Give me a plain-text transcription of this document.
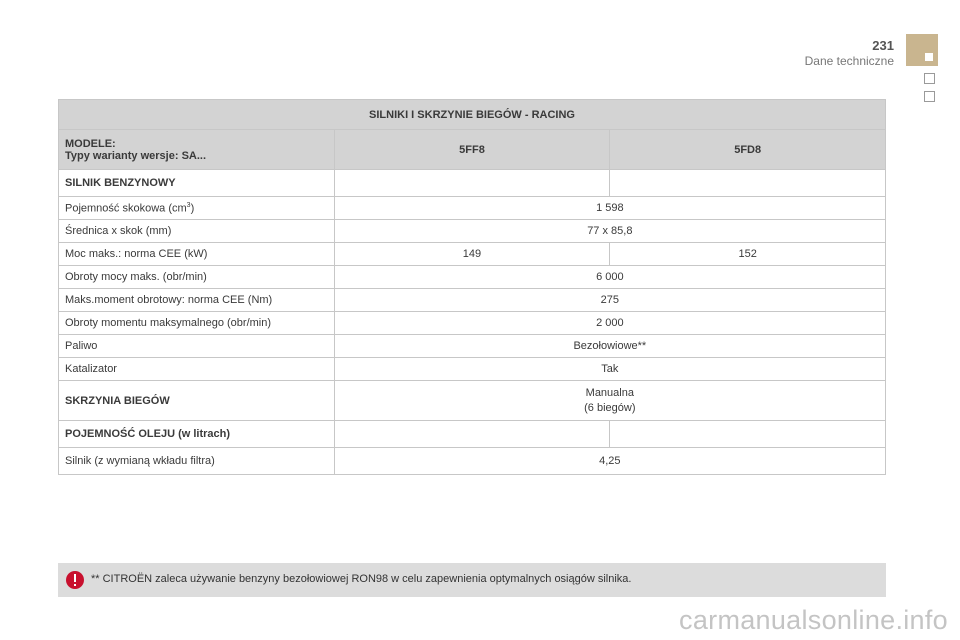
231
Dane techniczne
SILNIKI I SKRZYNIE BIEGÓW - RACING		

MODELE:
Typy warianty wersje: SA...	5FF8	5FD8
SILNIK BENZYNOWY		
Pojemność skokowa $(cm^3)$	1 598	
Średnica x skok (mm)	77 x 85,8	
Moc maks.: norma CEE (kW)	149	152
Obroty mocy maks. (obr/min)	6 000	
Maks.moment obrotowy: norma CEE (Nm)	275	
Obroty momentu maksymalnego (obr/min)	2 000	
Paliwo	Bezołowiowe**	
Katalizator	Tak	
SKRZYNIA BIEGÓW	Manualna
(6 biegów)	

POJEMNOŚĆ OLEJU (w litrach)		
Silnik (z wymianą wkładu filtra)	4,25	
** CITROËN zaleca używanie benzyny bezołowiowej RON98 w celu zapewnienia optymalnych osiągów silnika.
carmanualsonline.info
